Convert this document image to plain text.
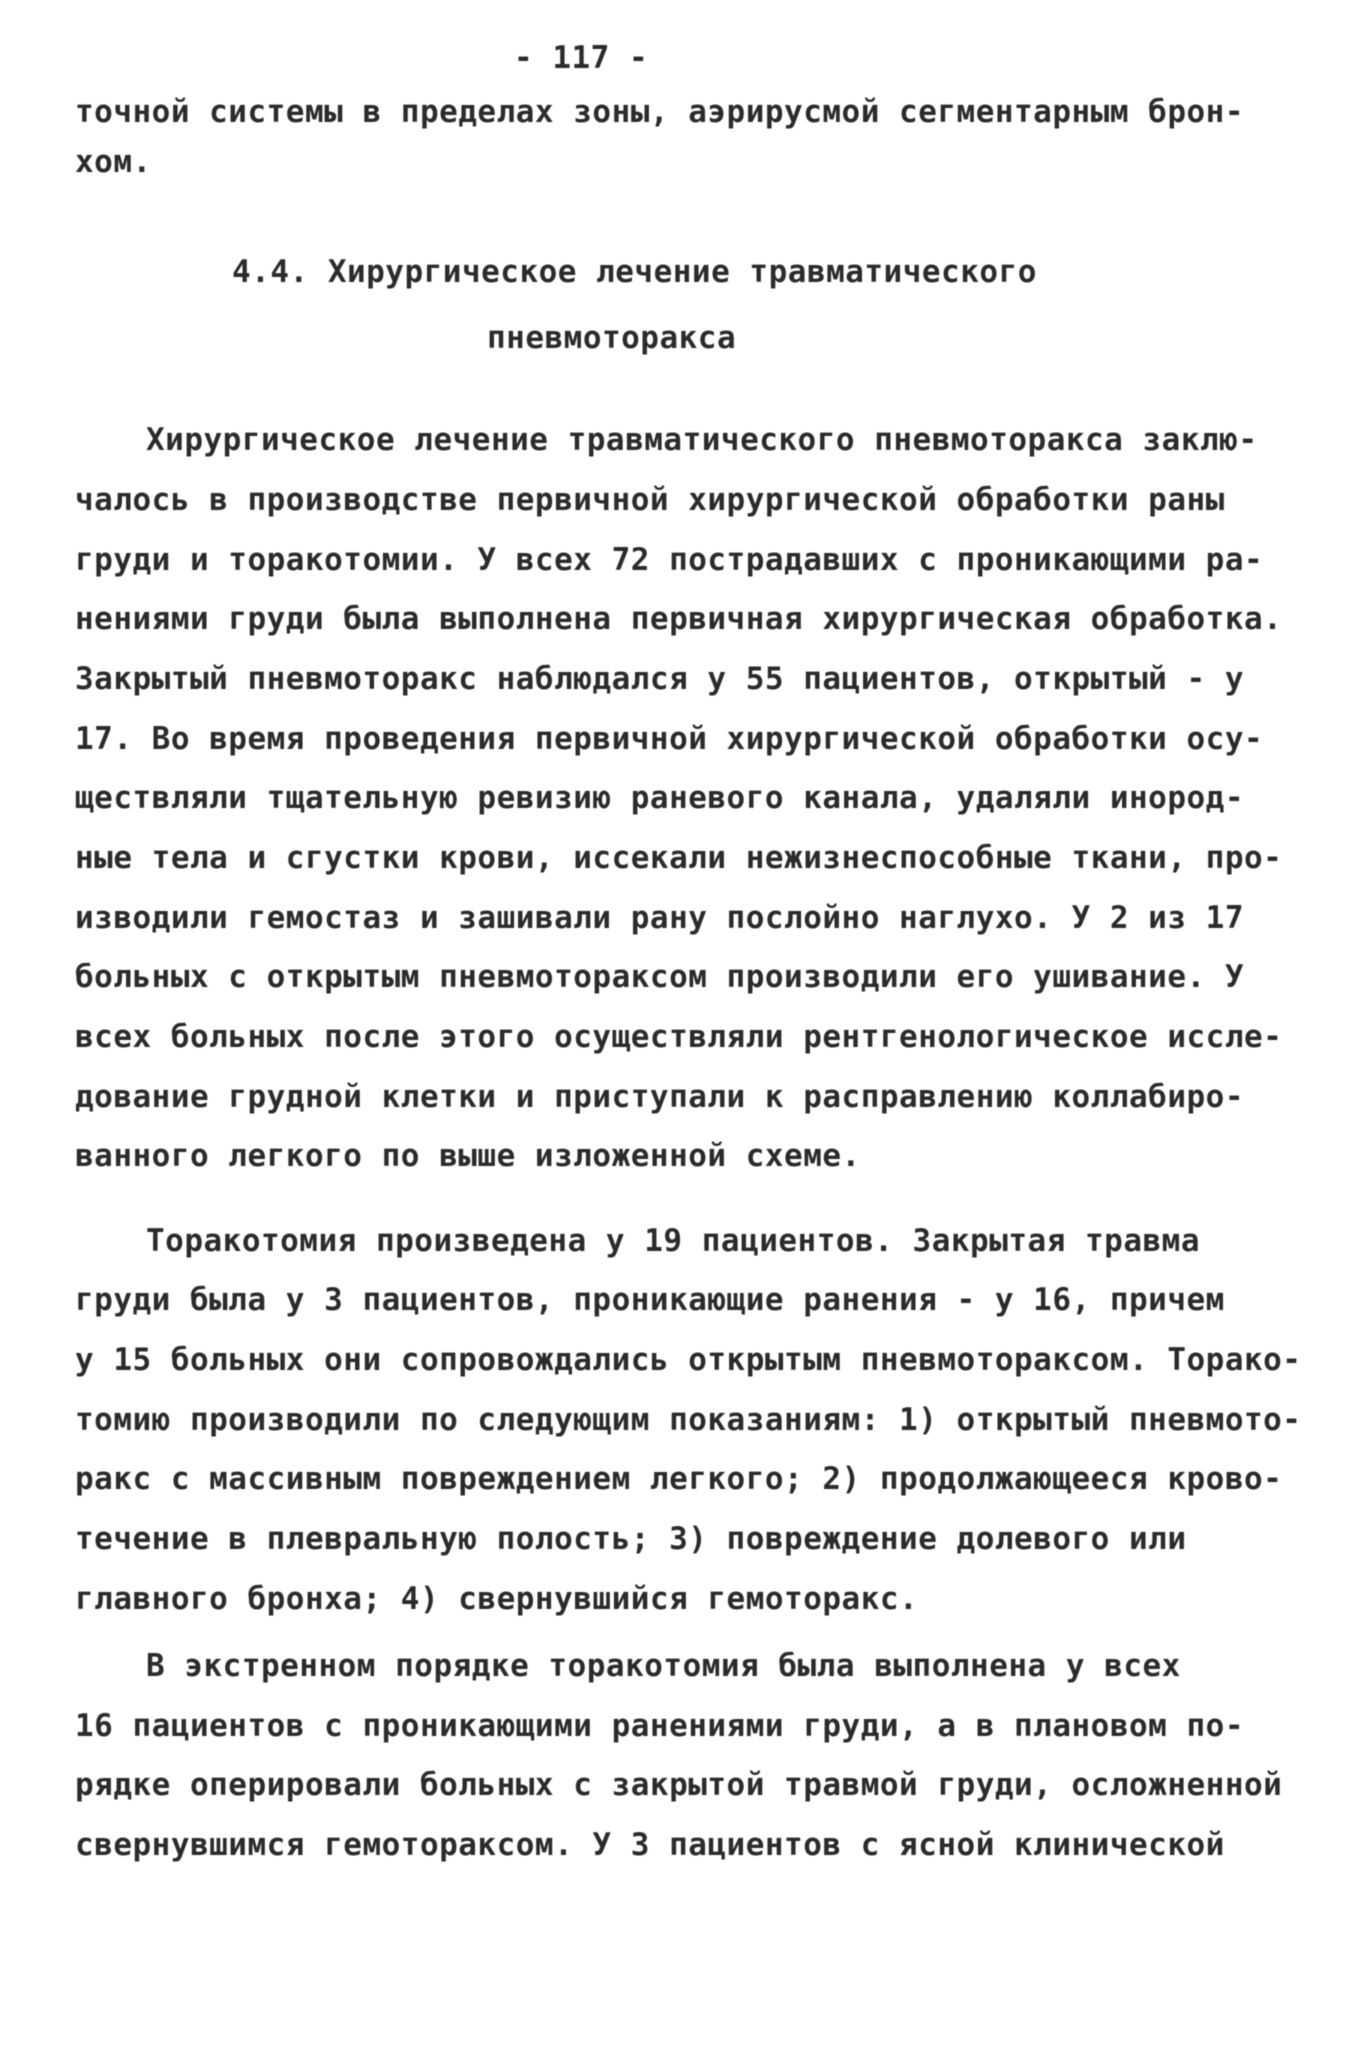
- 117 -
точной системы в пределах зоны, аэрирусмой сегментарным брон-
хом.
4.4. Хирургическое лечение травматического
пневмоторакса
Хирургическое лечение травматического пневмоторакса заклю-
чалось в производстве первичной хирургической обработки раны
груди и торакотомии. У всех 72 пострадавших с проникающими ра-
нениями груди была выполнена первичная хирургическая обработка.
Закрытый пневмоторакс наблюдался у 55 пациентов, открытый - у
17. Во время проведения первичной хирургической обработки осу-
ществляли тщательную ревизию раневого канала, удаляли инород-
ные тела и сгустки крови, иссекали нежизнеспособные ткани, про-
изводили гемостаз и зашивали рану послойно наглухо. У 2 из 17
больных с открытым пневмотораксом производили его ушивание. У
всех больных после этого осуществляли рентгенологическое иссле-
дование грудной клетки и приступали к расправлению коллабиро-
ванного легкого по выше изложенной схеме.
Торакотомия произведена у 19 пациентов. Закрытая травма
груди была у 3 пациентов, проникающие ранения - у 16, причем
у 15 больных они сопровождались открытым пневмотораксом. Торако-
томию производили по следующим показаниям: 1) открытый пневмото-
ракс с массивным повреждением легкого; 2) продолжающееся крово-
течение в плевральную полость; 3) повреждение долевого или
главного бронха; 4) свернувшийся гемоторакс.
В экстренном порядке торакотомия была выполнена у всех
16 пациентов с проникающими ранениями груди, а в плановом по-
рядке оперировали больных с закрытой травмой груди, осложненной
свернувшимся гемотораксом. У 3 пациентов с ясной клинической
